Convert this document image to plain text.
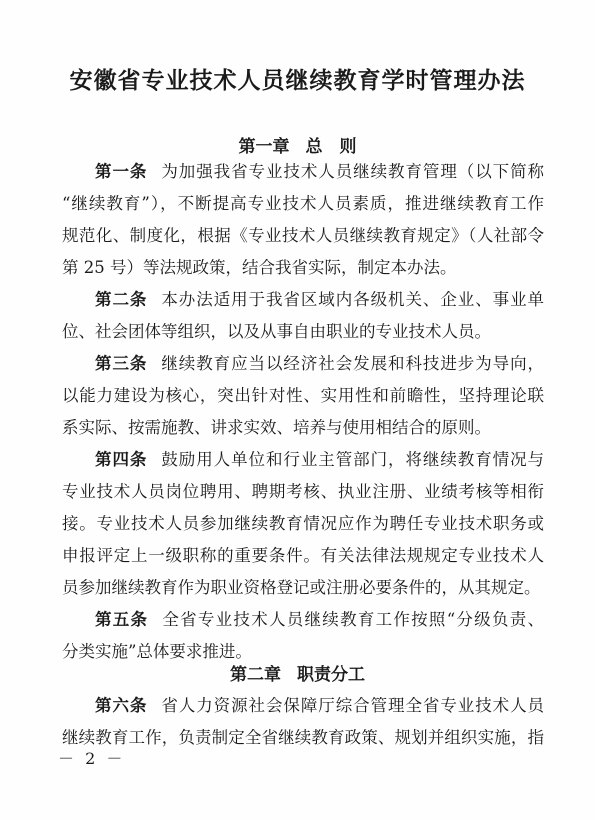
安徽省专业技术人员继续教育学时管理办法
第一章 总　则
第一条 为加强我省专业技术人员继续教育管理（以下简称
“继续教育”），不断提高专业技术人员素质，推进继续教育工作
规范化、制度化，根据《专业技术人员继续教育规定》（人社部令
第 25 号）等法规政策，结合我省实际，制定本办法。
第二条 本办法适用于我省区域内各级机关、企业、事业单
位、社会团体等组织，以及从事自由职业的专业技术人员。
第三条 继续教育应当以经济社会发展和科技进步为导向，
以能力建设为核心，突出针对性、实用性和前瞻性，坚持理论联
系实际、按需施教、讲求实效、培养与使用相结合的原则。
第四条 鼓励用人单位和行业主管部门，将继续教育情况与
专业技术人员岗位聘用、聘期考核、执业注册、业绩考核等相衔
接。专业技术人员参加继续教育情况应作为聘任专业技术职务或
申报评定上一级职称的重要条件。有关法律法规规定专业技术人
员参加继续教育作为职业资格登记或注册必要条件的，从其规定。
第五条 全省专业技术人员继续教育工作按照“分级负责、
分类实施”总体要求推进。
第二章 职责分工
第六条 省人力资源社会保障厅综合管理全省专业技术人员
继续教育工作，负责制定全省继续教育政策、规划并组织实施，指
－ 2 －
